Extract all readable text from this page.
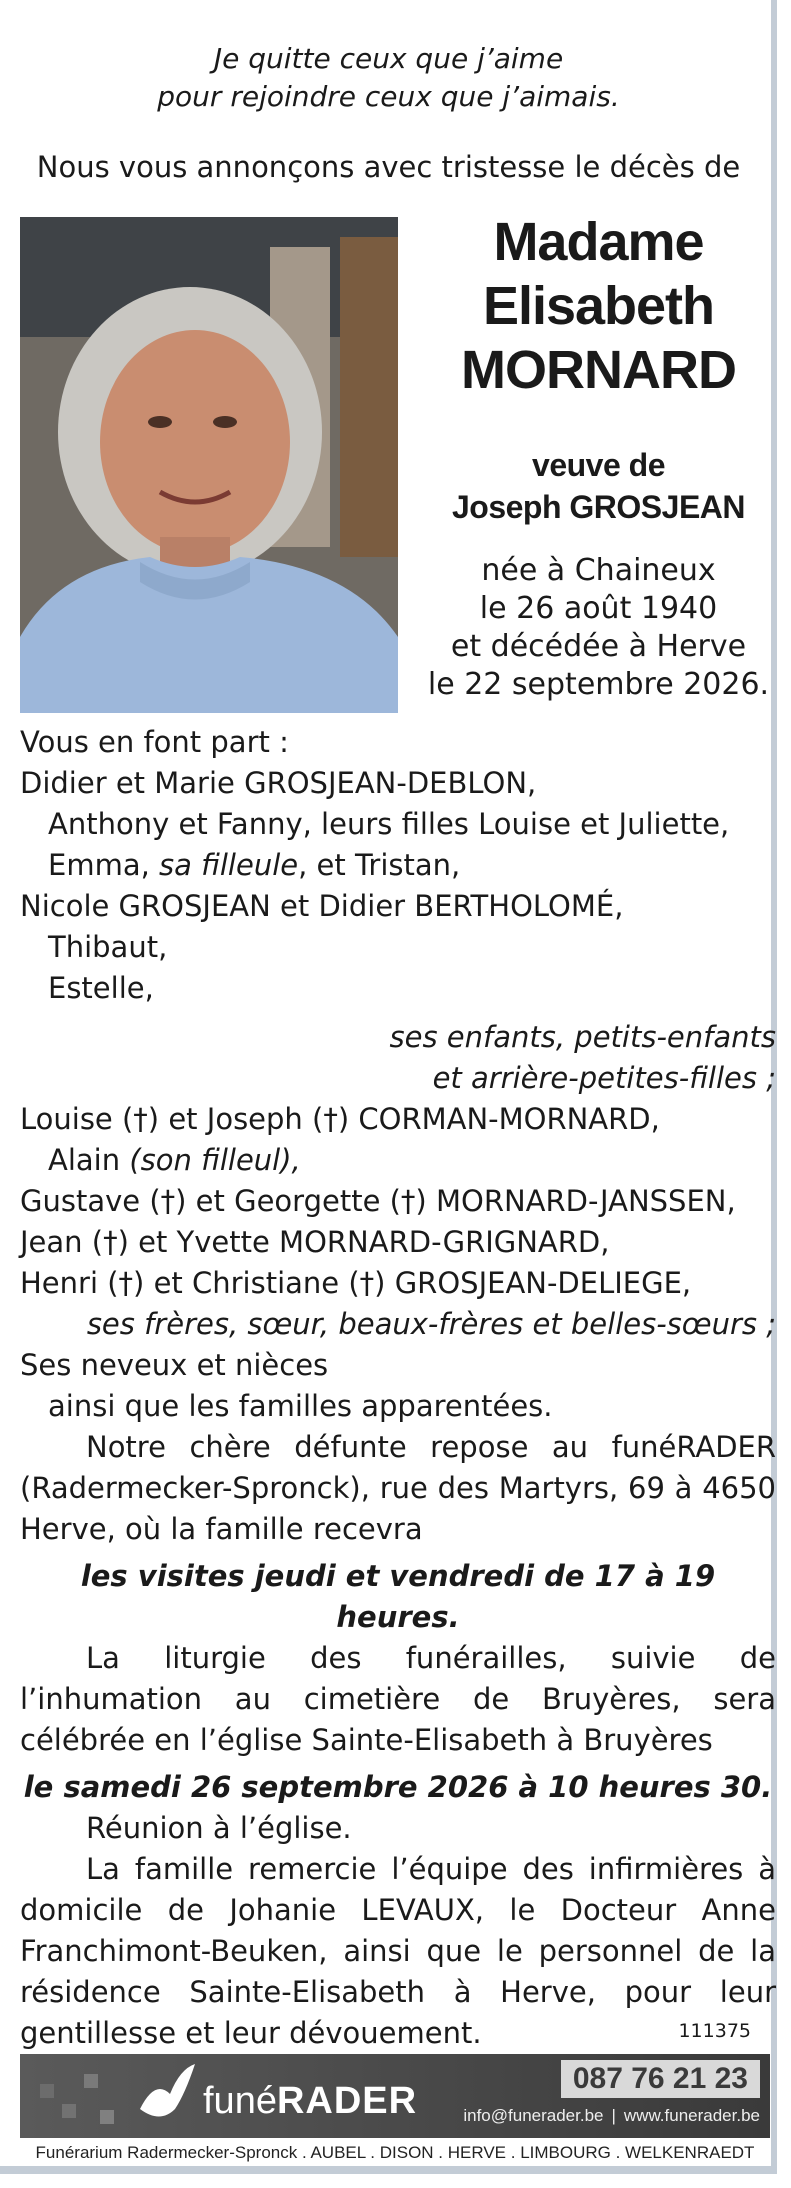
Je quitte ceux que j’aime
pour rejoindre ceux que j’aimais.
Nous vous annonçons avec tristesse le décès de
Madame
Elisabeth
MORNARD
veuve de
Joseph GROSJEAN
née à Chaineux
le 26 août 1940
et décédée à Herve
le 22 septembre 2026.

Vous en font part :

Didier et Marie GROSJEAN-DEBLON,

Anthony et Fanny, leurs filles Louise et Juliette,

Emma, sa filleule, et Tristan,

Nicole GROSJEAN et Didier BERTHOLOMÉ,

Thibaut,

Estelle,

ses enfants, petits-enfants

et arrière-petites-filles ;

Louise (†) et Joseph (†) CORMAN-MORNARD,

Alain (son filleul),

Gustave (†) et Georgette (†) MORNARD-JANSSEN,

Jean (†) et Yvette MORNARD-GRIGNARD,

Henri (†) et Christiane (†) GROSJEAN-DELIEGE,

ses frères, sœur, beaux-frères et belles-sœurs ;

Ses neveux et nièces

ainsi que les familles apparentées.

Notre chère défunte repose au funéRADER (Radermecker-Spronck), rue des Martyrs, 69 à 4650 Herve, où la famille recevra

les visites jeudi et vendredi de 17 à 19 heures.

La liturgie des funérailles, suivie de l’inhumation au cimetière de Bruyères, sera célébrée en l’église Sainte-Elisabeth à Bruyères

le samedi 26 septembre 2026 à 10 heures 30.

Réunion à l’église.

La famille remercie l’équipe des infirmières à domicile de Johanie LEVAUX, le Docteur Anne Franchimont-Beuken, ainsi que le personnel de la résidence Sainte-Elisabeth à Herve, pour leur gentillesse et leur dévouement.	111375
funéRADER
087 76 21 23
info@funerader.be | www.funerader.be
Funérarium Radermecker-Spronck . AUBEL . DISON . HERVE . LIMBOURG . WELKENRAEDT
